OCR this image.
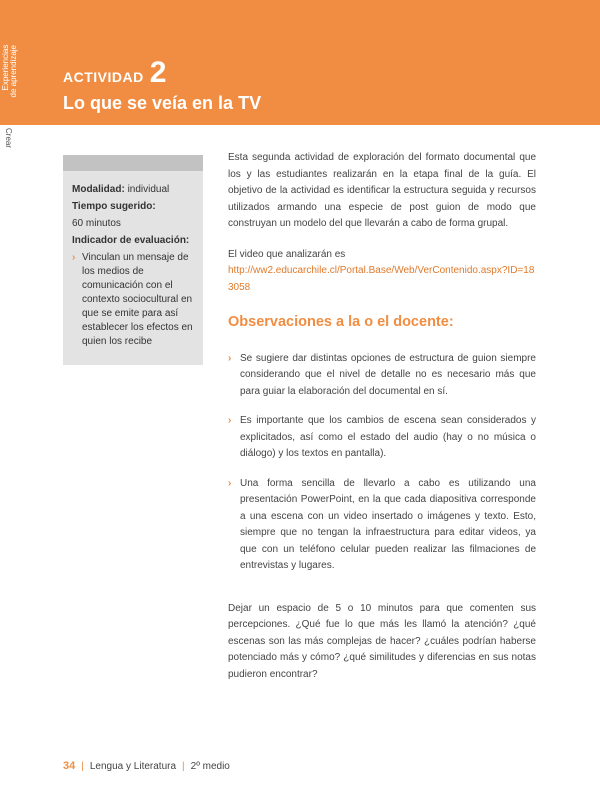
Experiencias
de aprendizaje
Crear
ACTIVIDAD 2
Lo que se veía en la TV
Modalidad: individual
Tiempo sugerido:
60 minutos
Indicador de evaluación:
› Vinculan un mensaje de los medios de comunicación con el contexto sociocultural en que se emite para así establecer los efectos en quien los recibe

Esta segunda actividad de exploración del formato documental que los y las estudiantes realizarán en la etapa final de la guía. El objetivo de la actividad es identificar la estructura seguida y recursos utilizados armando una especie de post guion de modo que construyan un modelo del que llevarán a cabo de forma grupal.

El video que analizarán es

http://ww2.educarchile.cl/Portal.Base/Web/VerContenido.aspx?ID=183058

Observaciones a la o el docente:
› Se sugiere dar distintas opciones de estructura de guion siempre considerando que el nivel de detalle no es necesario más que para guiar la elaboración del documental en sí.
› Es importante que los cambios de escena sean considerados y explicitados, así como el estado del audio (hay o no música o diálogo) y los textos en pantalla).
› Una forma sencilla de llevarlo a cabo es utilizando una presentación PowerPoint, en la que cada diapositiva corresponde a una escena con un video insertado o imágenes y texto. Esto, siempre que no tengan la infraestructura para editar videos, ya que con un teléfono celular pueden realizar las filmaciones de entrevistas y lugares.

Dejar un espacio de 5 o 10 minutos para que comenten sus percepciones. ¿Qué fue lo que más les llamó la atención? ¿qué escenas son las más complejas de hacer? ¿cuáles podrían haberse potenciado más y cómo? ¿qué similitudes y diferencias en sus notas pudieron encontrar?

34 | Lengua y Literatura | 2º medio
